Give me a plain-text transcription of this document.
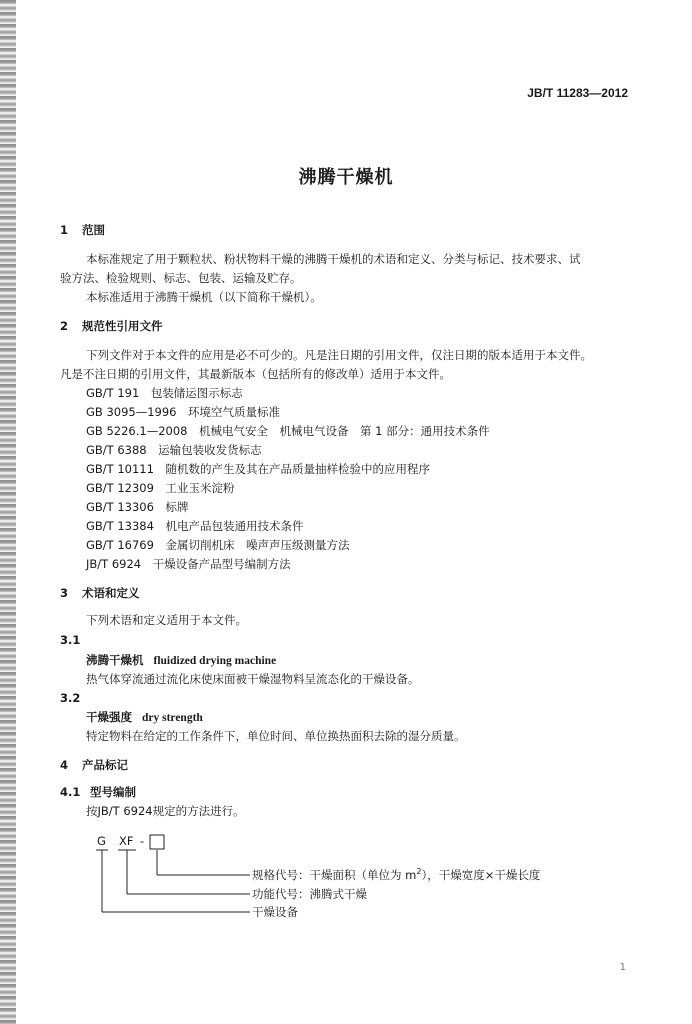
JB/T 11283—2012
沸腾干燥机
1 范围
本标准规定了用于颗粒状、粉状物料干燥的沸腾干燥机的术语和定义、分类与标记、技术要求、试
验方法、检验规则、标志、包装、运输及贮存。
本标准适用于沸腾干燥机（以下简称干燥机）。
2 规范性引用文件
下列文件对于本文件的应用是必不可少的。凡是注日期的引用文件，仅注日期的版本适用于本文件。
凡是不注日期的引用文件，其最新版本（包括所有的修改单）适用于本文件。
GB/T 191　 包装储运图示标志
GB 3095—1996　 环境空气质量标准
GB 5226.1—2008　 机械电气安全　机械电气设备　第 1 部分：通用技术条件
GB/T 6388　 运输包装收发货标志
GB/T 10111　 随机数的产生及其在产品质量抽样检验中的应用程序
GB/T 12309　 工业玉米淀粉
GB/T 13306　 标牌
GB/T 13384　 机电产品包装通用技术条件
GB/T 16769　 金属切削机床　噪声声压级测量方法
JB/T 6924　 干燥设备产品型号编制方法
3 术语和定义
下列术语和定义适用于本文件。
3.1
沸腾干燥机 fluidized drying machine
热气体穿流通过流化床使床面被干燥湿物料呈流态化的干燥设备。
3.2
干燥强度 dry strength
特定物料在给定的工作条件下，单位时间、单位换热面积去除的湿分质量。
4 产品标记
4.1 型号编制
按JB/T 6924规定的方法进行。
G XF -
规格代号：干燥面积（单位为 $m^2$），干燥宽度×干燥长度
功能代号：沸腾式干燥
干燥设备
1
